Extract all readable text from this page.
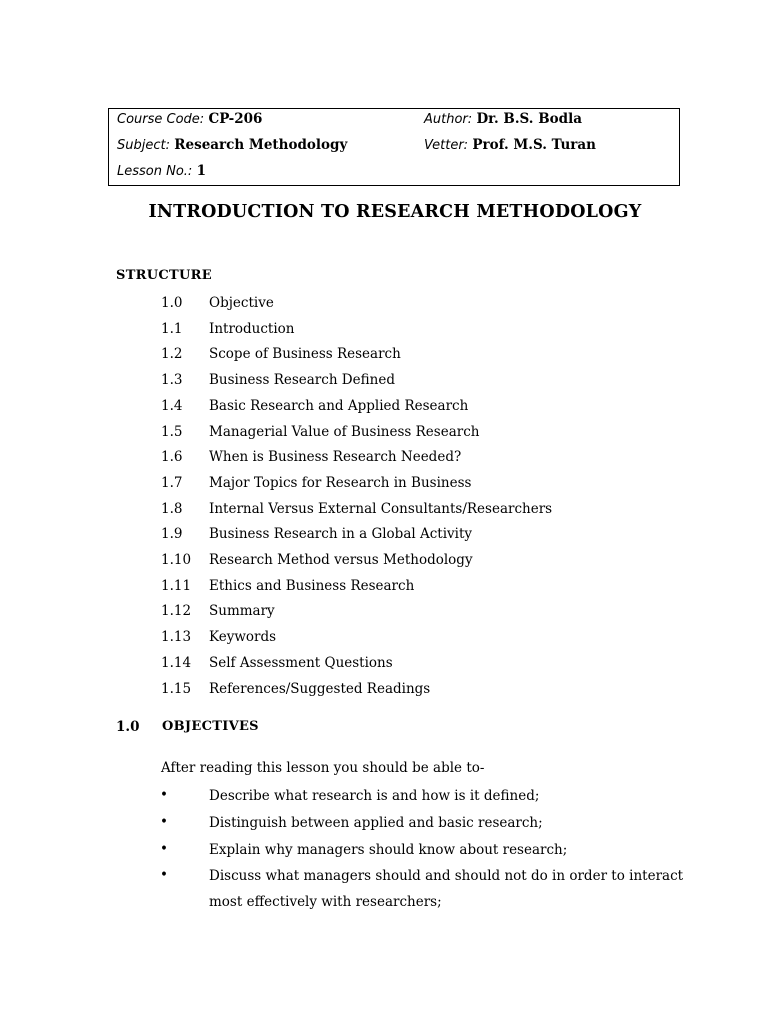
Course Code: CP-206	Author: Dr. B.S. Bodla
Subject: Research Methodology	Vetter: Prof. M.S. Turan
Lesson No.: 1
INTRODUCTION TO RESEARCH METHODOLOGY
STRUCTURE
1.0 Objective
1.1 Introduction
1.2 Scope of Business Research
1.3 Business Research Defined
1.4 Basic Research and Applied Research
1.5 Managerial Value of Business Research
1.6 When is Business Research Needed?
1.7 Major Topics for Research in Business
1.8 Internal Versus External Consultants/Researchers
1.9 Business Research in a Global Activity
1.10 Research Method versus Methodology
1.11 Ethics and Business Research
1.12 Summary
1.13 Keywords
1.14 Self Assessment Questions
1.15 References/Suggested Readings
1.0 OBJECTIVES
After reading this lesson you should be able to-
•	Describe what research is and how is it defined;
•	Distinguish between applied and basic research;
•	Explain why managers should know about research;
•	Discuss what managers should and should not do in order to interact most effectively with researchers;
